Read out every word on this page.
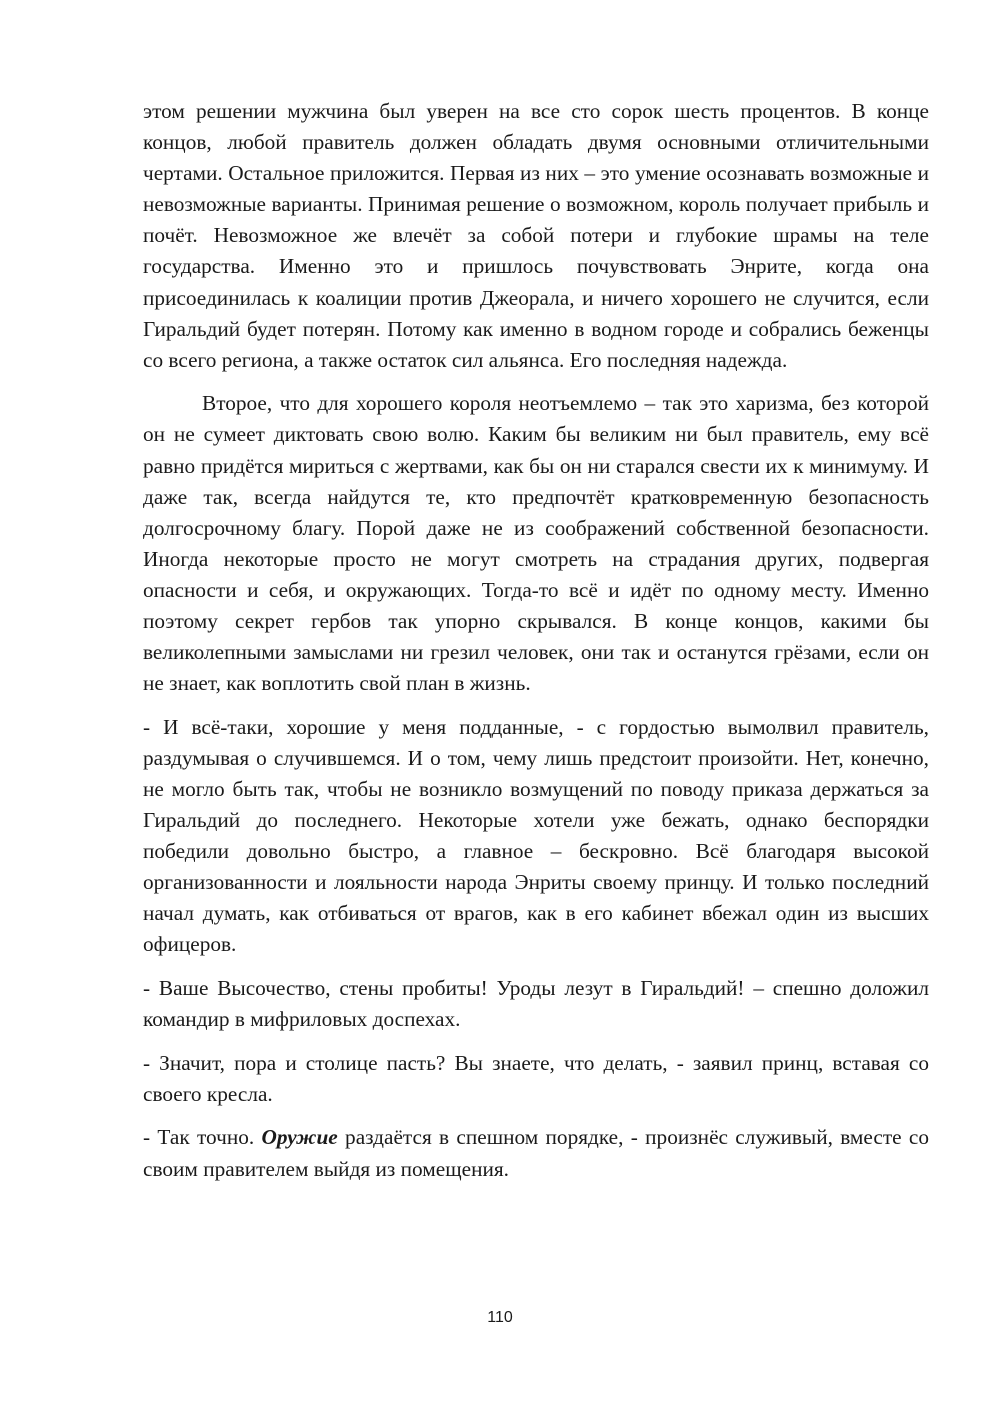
этом решении мужчина был уверен на все сто сорок шесть процентов. В конце концов, любой правитель должен обладать двумя основными отличительными чертами. Остальное приложится. Первая из них – это умение осознавать возможные и невозможные варианты. Принимая решение о возможном, король получает прибыль и почёт. Невозможное же влечёт за собой потери и глубокие шрамы на теле государства. Именно это и пришлось почувствовать Энрите, когда она присоединилась к коалиции против Джеорала, и ничего хорошего не случится, если Гиральдий будет потерян. Потому как именно в водном городе и собрались беженцы со всего региона, а также остаток сил альянса. Его последняя надежда.

Второе, что для хорошего короля неотъемлемо – так это харизма, без которой он не сумеет диктовать свою волю. Каким бы великим ни был правитель, ему всё равно придётся мириться с жертвами, как бы он ни старался свести их к минимуму. И даже так, всегда найдутся те, кто предпочтёт кратковременную безопасность долгосрочному благу. Порой даже не из соображений собственной безопасности. Иногда некоторые просто не могут смотреть на страдания других, подвергая опасности и себя, и окружающих. Тогда-то всё и идёт по одному месту. Именно поэтому секрет гербов так упорно скрывался. В конце концов, какими бы великолепными замыслами ни грезил человек, они так и останутся грёзами, если он не знает, как воплотить свой план в жизнь.

- И всё-таки, хорошие у меня подданные, - с гордостью вымолвил правитель, раздумывая о случившемся. И о том, чему лишь предстоит произойти. Нет, конечно, не могло быть так, чтобы не возникло возмущений по поводу приказа держаться за Гиральдий до последнего. Некоторые хотели уже бежать, однако беспорядки победили довольно быстро, а главное – бескровно. Всё благодаря высокой организованности и лояльности народа Энриты своему принцу. И только последний начал думать, как отбиваться от врагов, как в его кабинет вбежал один из высших офицеров.

- Ваше Высочество, стены пробиты! Уроды лезут в Гиральдий! – спешно доложил командир в мифриловых доспехах.

- Значит, пора и столице пасть? Вы знаете, что делать, - заявил принц, вставая со своего кресла.

- Так точно. Оружие раздаётся в спешном порядке, - произнёс служивый, вместе со своим правителем выйдя из помещения.

110
